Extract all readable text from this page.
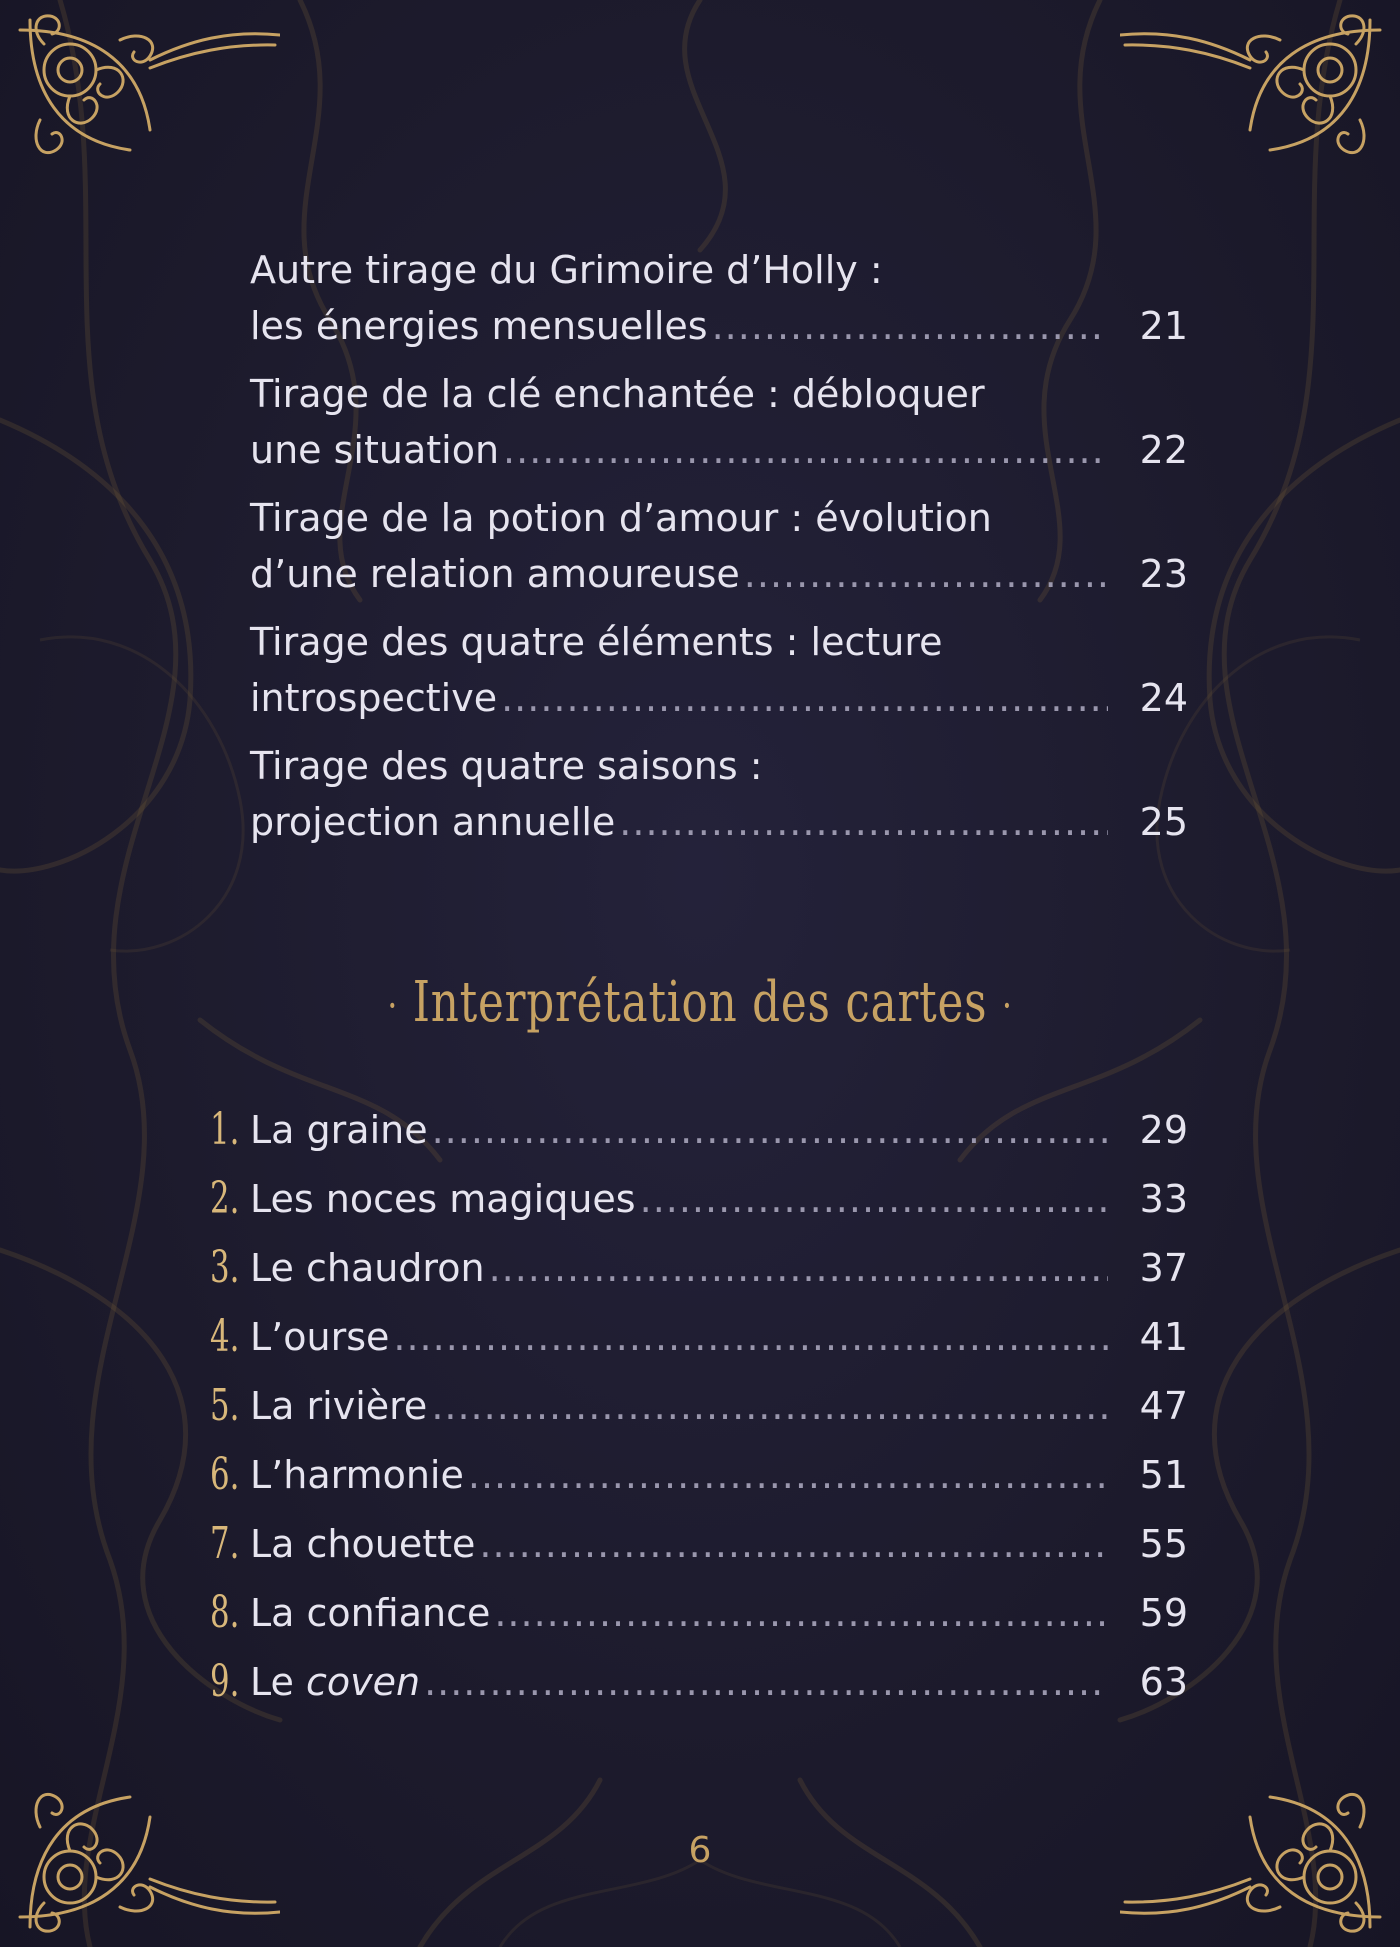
Autre tirage du Grimoire d’Holly :
les énergies mensuelles .....	21
Tirage de la clé enchantée : débloquer
une situation .....	22
Tirage de la potion d’amour : évolution
d’une relation amoureuse .....	23
Tirage des quatre éléments : lecture
introspective .....	24
Tirage des quatre saisons :
projection annuelle .....	25
· Interprétation des cartes ·
1. La graine .....	29
2. Les noces magiques .....	33
3. Le chaudron .....	37
4. L’ourse .....	41
5. La rivière .....	47
6. L’harmonie .....	51
7. La chouette .....	55
8. La confiance .....	59
9. Le coven .....	63
6
